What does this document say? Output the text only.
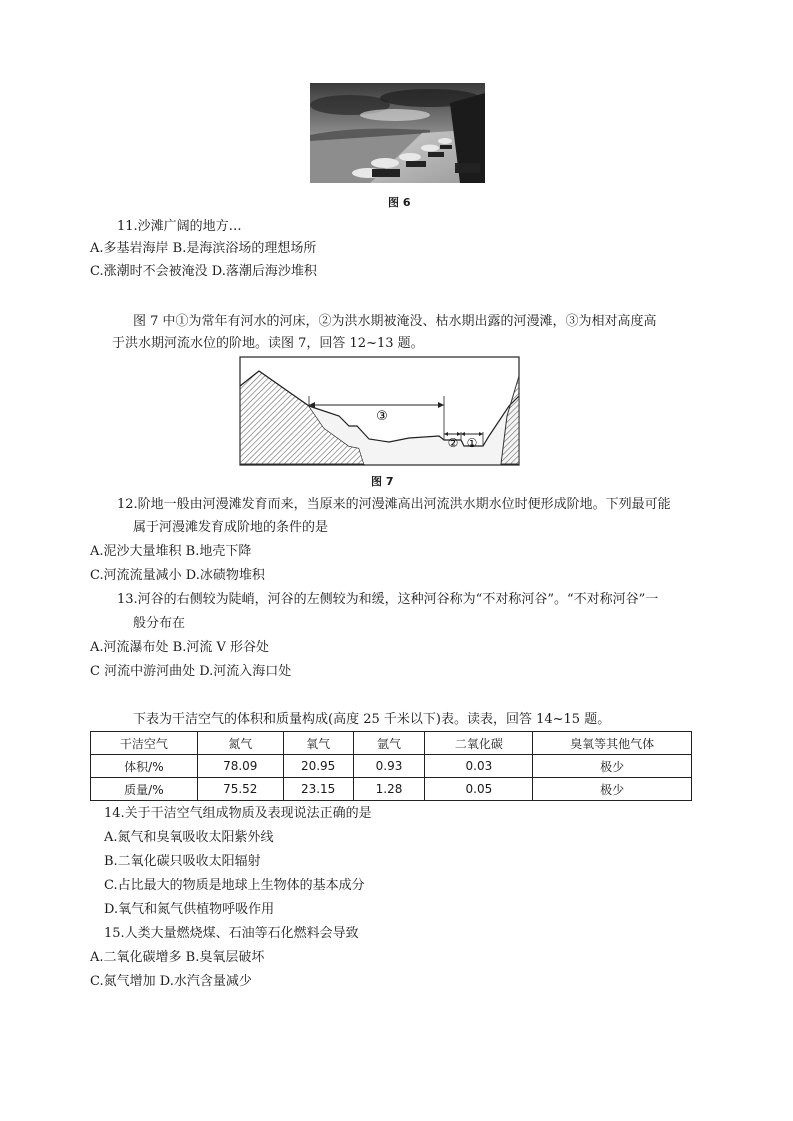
图 6
11.沙滩广阔的地方…
A.多基岩海岸 B.是海滨浴场的理想场所
C.涨潮时不会被淹没 D.落潮后海沙堆积
图 7 中①为常年有河水的河床，②为洪水期被淹没、枯水期出露的河漫滩，③为相对高度高
于洪水期河流水位的阶地。读图 7，回答 12~13 题。
③
② ①
图 7
12.阶地一般由河漫滩发育而来，当原来的河漫滩高出河流洪水期水位时便形成阶地。下列最可能
属于河漫滩发育成阶地的条件的是
A.泥沙大量堆积 B.地壳下降
C.河流流量减小 D.冰碛物堆积
13.河谷的右侧较为陡峭，河谷的左侧较为和缓，这种河谷称为“不对称河谷”。“不对称河谷”一
般分布在
A.河流瀑布处 B.河流 V 形谷处
C 河流中游河曲处 D.河流入海口处
下表为干洁空气的体积和质量构成(高度 25 千米以下)表。读表，回答 14~15 题。
干洁空气	氮气	氧气	氩气	二氧化碳	臭氧等其他气体
体积/%	78.09	20.95	0.93	0.03	极少
质量/%	75.52	23.15	1.28	0.05	极少
14.关于干洁空气组成物质及表现说法正确的是
A.氮气和臭氧吸收太阳紫外线
B.二氧化碳只吸收太阳辐射
C.占比最大的物质是地球上生物体的基本成分
D.氧气和氮气供植物呼吸作用
15.人类大量燃烧煤、石油等石化燃料会导致
A.二氧化碳增多 B.臭氧层破坏
C.氮气增加 D.水汽含量减少
